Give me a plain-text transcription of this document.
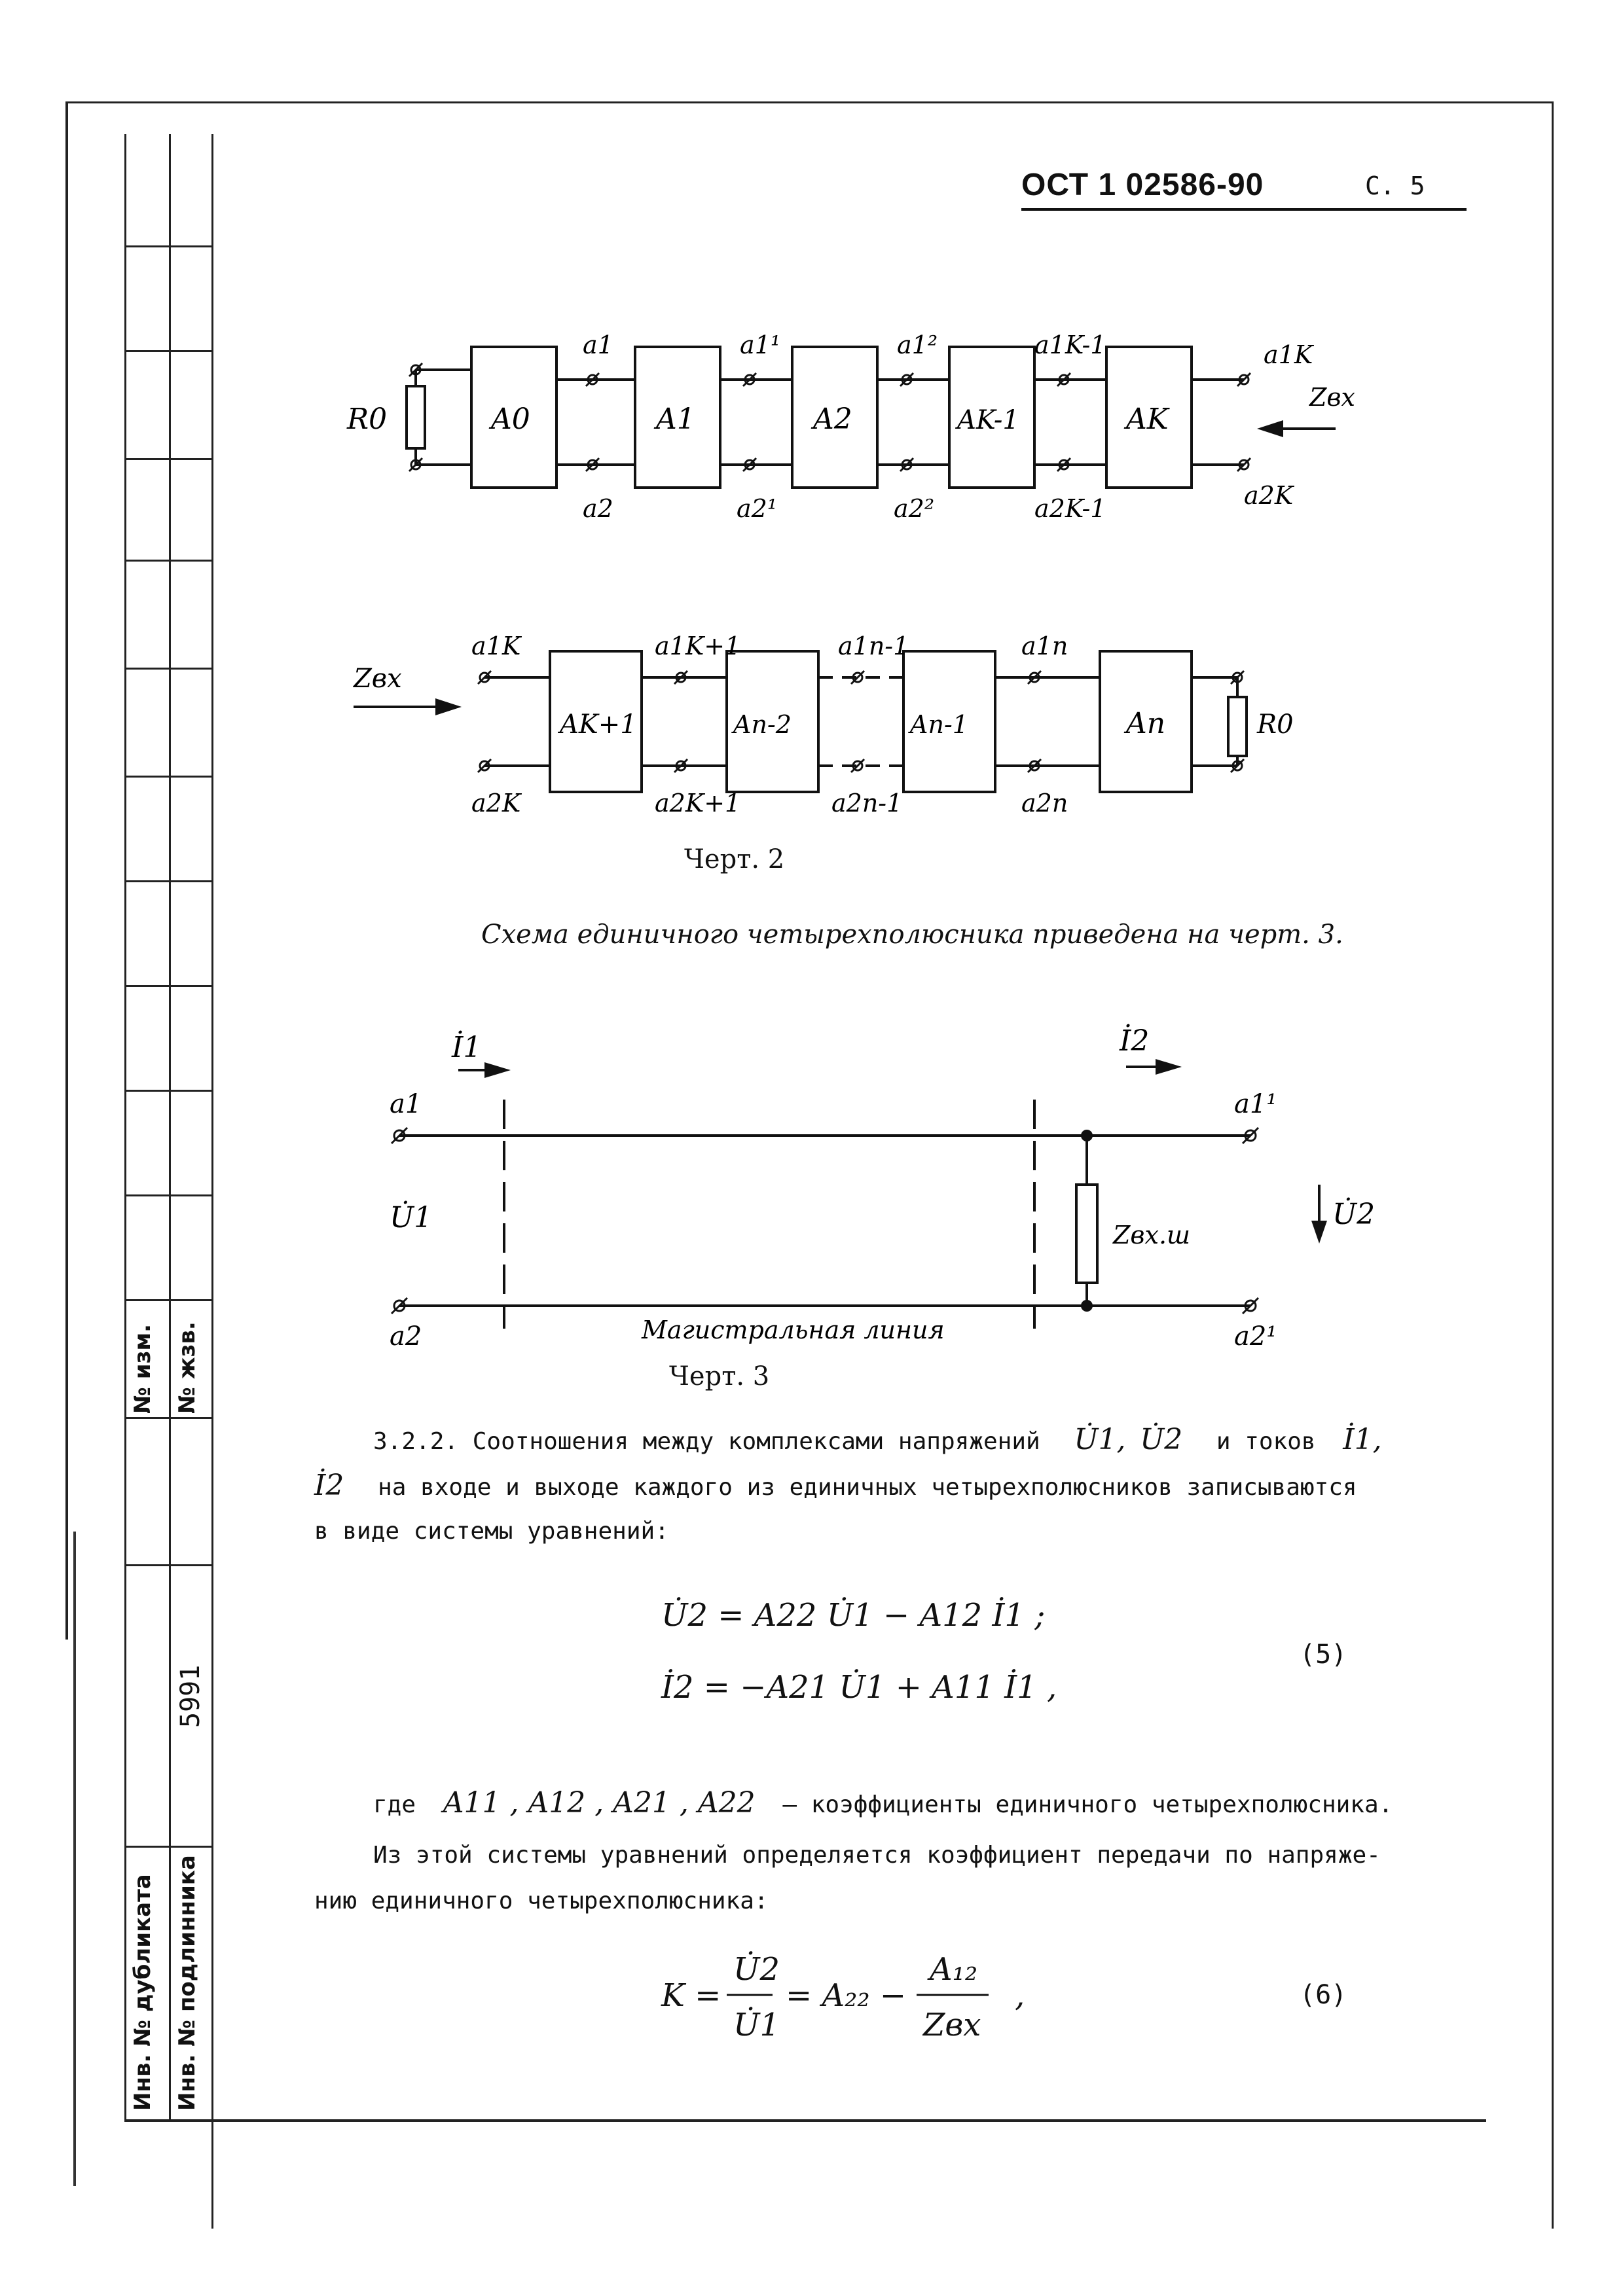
№ изм. № жзв.
5991
Инв. № дубликата Инв. № подлинника
ОСТ 1 02586-90	С. 5
R0	A0	A1	A2	AK-1	AK
a1	a1¹	a1²	a1K-1	a1K
a2	a2¹	a2²	a2K-1	a2K
Zвх
Zвх
AK+1	An-2	An-1	An	R0
a1K	a1K+1	a1n-1	a1n
a2K	a2K+1	a2n-1	a2n
Черт. 2
Схема единичного четырехполюсника приведена на черт. 3.
İ1	İ2
a1
a2
a1¹
a2¹
U̇1	U̇2
Zвх.ш
Магистральная линия
Черт. 3
3.2.2. Соотношения между комплексами напряжений U̇1, U̇2 и токов İ1,
İ2 на входе и выходе каждого из единичных четырехполюсников записываются
в виде системы уравнений:
U̇2 = A22 U̇1 − A12 İ1 ;
İ2 = −A21 U̇1 + A11 İ1 ,
(5)
где A11 , A12 , A21 , A22 – коэффициенты единичного четырехполюсника.
Из этой системы уравнений определяется коэффициент передачи по напряже-
нию единичного четырехполюсника:
K =
U̇2
U̇1
= A₂₂ −
A₁₂
Zвх
,	(6)
